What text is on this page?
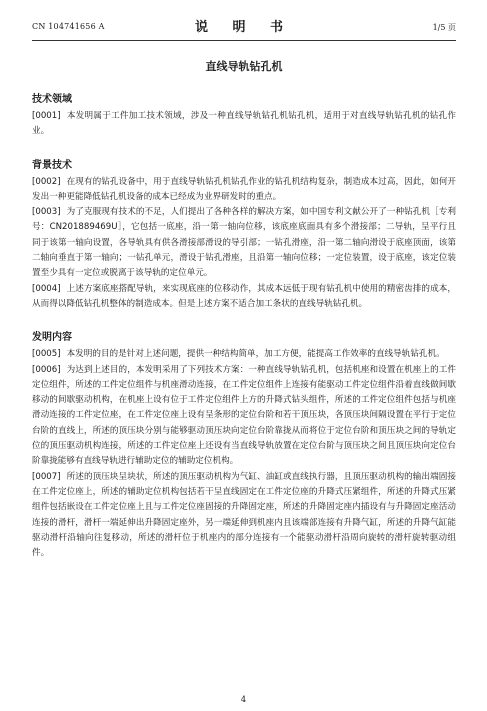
CN 104741656 A	说 明 书	1/5 页
直线导轨钻孔机
技术领域

[0001] 本发明属于工件加工技术领域，涉及一种直线导轨钻孔机钻孔机，适用于对直线导轨钻孔机的钻孔作业。

背景技术

[0002] 在现有的钻孔设备中，用于直线导轨钻孔机钻孔作业的钻孔机结构复杂，制造成本过高，因此，如何开发出一种更能降低钻孔机设备的成本已经成为业界研发时的重点。

[0003] 为了克服现有技术的不足，人们提出了各种各样的解决方案，如中国专利文献公开了一种钻孔机［专利号：CN201889469U］，它包括一底座，沿一第一轴向位移，该底座底面具有多个滑接部；二导轨，呈平行且同于该第一轴向设置，各导轨具有供各滑接部滑设的导引部；一钻孔滑座，沿一第二轴向滑设于底座顶面，该第二轴向垂直于第一轴向；一钻孔单元，滑设于钻孔滑座，且沿第一轴向位移；一定位装置，设于底座，该定位装置至少具有一定位或脱离于该导轨的定位单元。

[0004] 上述方案底座搭配导轨，来实现底座的位移动作，其成本远低于现有钻孔机中使用的精密齿排的成本，从而得以降低钻孔机整体的制造成本。但是上述方案不适合加工条状的直线导轨钻孔机。

发明内容

[0005] 本发明的目的是针对上述问题，提供一种结构简单，加工方便，能提高工作效率的直线导轨钻孔机。

[0006] 为达到上述目的，本发明采用了下列技术方案：一种直线导轨钻孔机，包括机座和设置在机座上的工件定位组件，所述的工件定位组件与机座滑动连接，在工件定位组件上连接有能驱动工件定位组件沿着直线做间歇移动的间歇驱动机构，在机座上设有位于工件定位组件上方的升降式钻头组件，所述的工件定位组件包括与机座滑动连接的工件定位座，在工件定位座上设有呈条形的定位台阶和若干顶压块，各顶压块间隔设置在平行于定位台阶的直线上，所述的顶压块分别与能够驱动顶压块向定位台阶靠拢从而将位于定位台阶和顶压块之间的导轨定位的顶压驱动机构连接，所述的工件定位座上还设有当直线导轨放置在定位台阶与顶压块之间且顶压块向定位台阶靠拢能够有直线导轨进行辅助定位的辅助定位机构。

[0007] 所述的顶压块呈块状，所述的顶压驱动机构为气缸、油缸或直线执行器，且顶压驱动机构的输出端固接在工件定位座上，所述的辅助定位机构包括若干呈直线固定在工件定位座的升降式压紧组件，所述的升降式压紧组件包括嵌设在工件定位座上且与工件定位座固接的升降固定座，所述的升降固定座内插设有与升降固定座活动连接的滑杆，滑杆一端延伸出升降固定座外，另一端延伸到机座内且该端部连接有升降气缸，所述的升降气缸能驱动滑杆沿轴向往复移动，所述的滑杆位于机座内的部分连接有一个能驱动滑杆沿周向旋转的滑杆旋转驱动组件。

4
